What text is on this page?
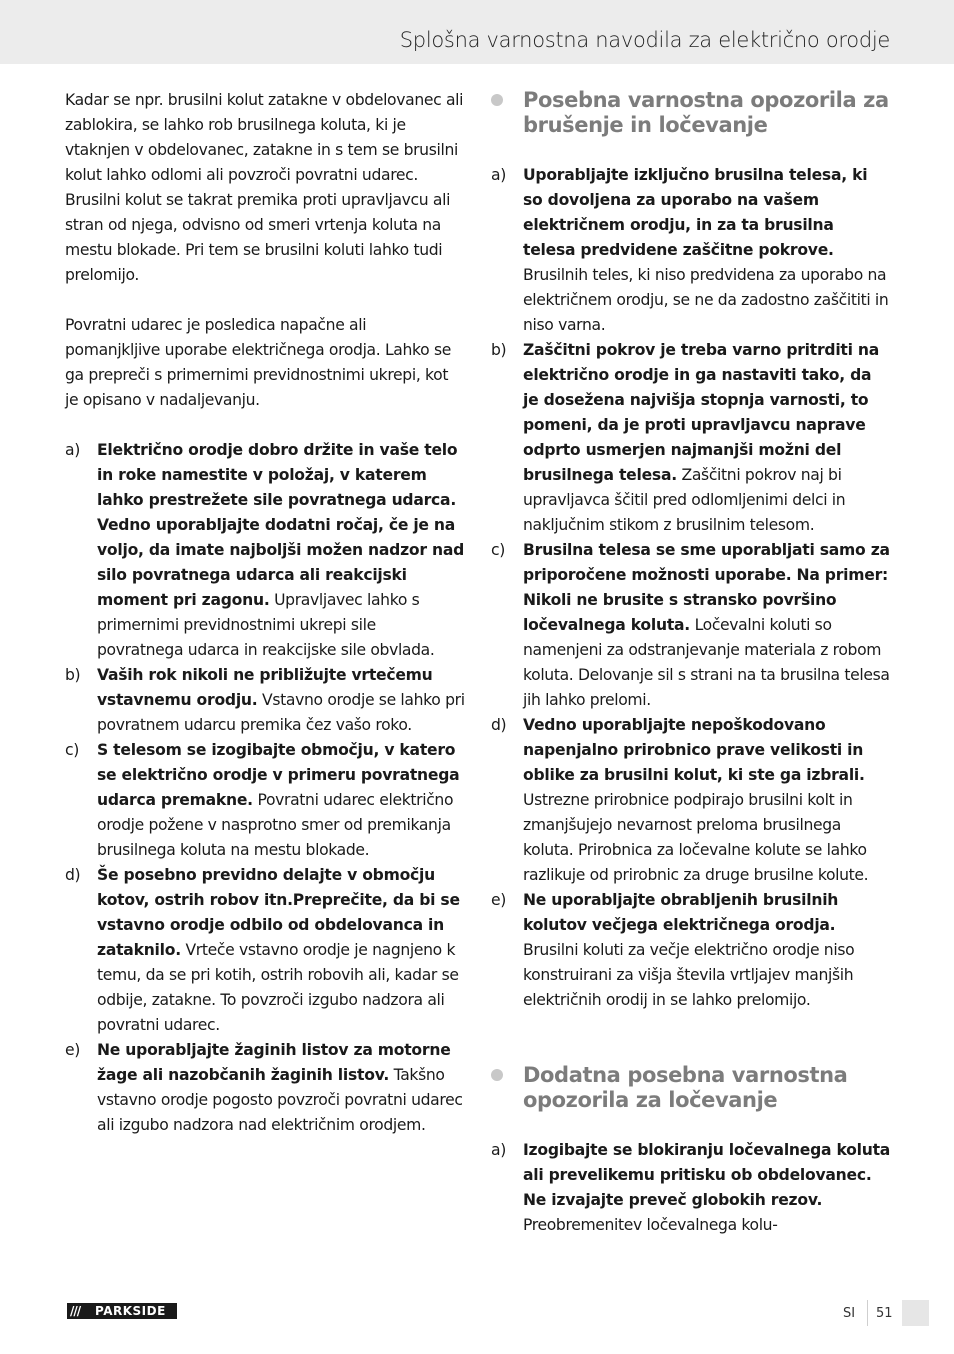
Splošna varnostna navodila za električno orodje

Kadar se npr. brusilni kolut zatakne v obdelovanec ali zablokira, se lahko rob brusilnega koluta, ki je vtaknjen v obdelovanec, zatakne in s tem se brusilni kolut lahko odlomi ali povzroči povratni udarec. Brusilni kolut se takrat premika proti upravljavcu ali stran od njega, odvisno od smeri vrtenja koluta na mestu blokade. Pri tem se brusilni koluti lahko tudi prelomijo.

Povratni udarec je posledica napačne ali pomanjkljive uporabe električnega orodja. Lahko se ga prepreči s primernimi previdnostnimi ukrepi, kot je opisano v nadaljevanju.

a) Električno orodje dobro držite in vaše telo in roke namestite v položaj, v katerem lahko prestrežete sile povratnega udarca. Vedno uporabljajte dodatni ročaj, če je na voljo, da imate najboljši možen nadzor nad silo povratnega udarca ali reakcijski moment pri zagonu. Upravljavec lahko s primernimi previdnostnimi ukrepi sile povratnega udarca in reakcijske sile obvlada.
b) Vaših rok nikoli ne približujte vrtečemu vstavnemu orodju. Vstavno orodje se lahko pri povratnem udarcu premika čez vašo roko.
c) S telesom se izogibajte območju, v katero se električno orodje v primeru povratnega udarca premakne. Povratni udarec električno orodje požene v nasprotno smer od premikanja brusilnega koluta na mestu blokade.
d) Še posebno previdno delajte v območju kotov, ostrih robov itn.Preprečite, da bi se vstavno orodje odbilo od obdelovanca in zataknilo. Vrteče vstavno orodje je nagnjeno k temu, da se pri kotih, ostrih robovih ali, kadar se odbije, zatakne. To povzroči izgubo nadzora ali povratni udarec.
e) Ne uporabljajte žaginih listov za motorne žage ali nazobčanih žaginih listov. Takšno vstavno orodje pogosto povzroči povratni udarec ali izgubo nadzora nad električnim orodjem.
Posebna varnostna opozorila za brušenje in ločevanje
a) Uporabljajte izključno brusilna telesa, ki so dovoljena za uporabo na vašem električnem orodju, in za ta brusilna telesa predvidene zaščitne pokrove. Brusilnih teles, ki niso predvidena za uporabo na električnem orodju, se ne da zadostno zaščititi in niso varna.
b) Zaščitni pokrov je treba varno pritrditi na električno orodje in ga nastaviti tako, da je dosežena najvišja stopnja varnosti, to pomeni, da je proti upravljavcu naprave odprto usmerjen najmanjši možni del brusilnega telesa. Zaščitni pokrov naj bi upravljavca ščitil pred odlomljenimi delci in naključnim stikom z brusilnim telesom.
c) Brusilna telesa se sme uporabljati samo za priporočene možnosti uporabe. Na primer: Nikoli ne brusite s stransko površino ločevalnega koluta. Ločevalni koluti so namenjeni za odstranjevanje materiala z robom koluta. Delovanje sil s strani na ta brusilna telesa jih lahko prelomi.
d) Vedno uporabljajte nepoškodovano napenjalno prirobnico prave velikosti in oblike za brusilni kolut, ki ste ga izbrali. Ustrezne prirobnice podpirajo brusilni kolt in zmanjšujejo nevarnost preloma brusilnega koluta. Prirobnica za ločevalne kolute se lahko razlikuje od prirobnic za druge brusilne kolute.
e) Ne uporabljajte obrabljenih brusilnih kolutov večjega električnega orodja. Brusilni koluti za večje električno orodje niso konstruirani za višja števila vrtljajev manjših električnih orodij in se lahko prelomijo.
Dodatna posebna varnostna opozorila za ločevanje
a) Izogibajte se blokiranju ločevalnega koluta ali prevelikemu pritisku ob obdelovanec. Ne izvajajte preveč globokih rezov. Preobremenitev ločevalnega kolu-
/// PARKSIDE	SI 51
